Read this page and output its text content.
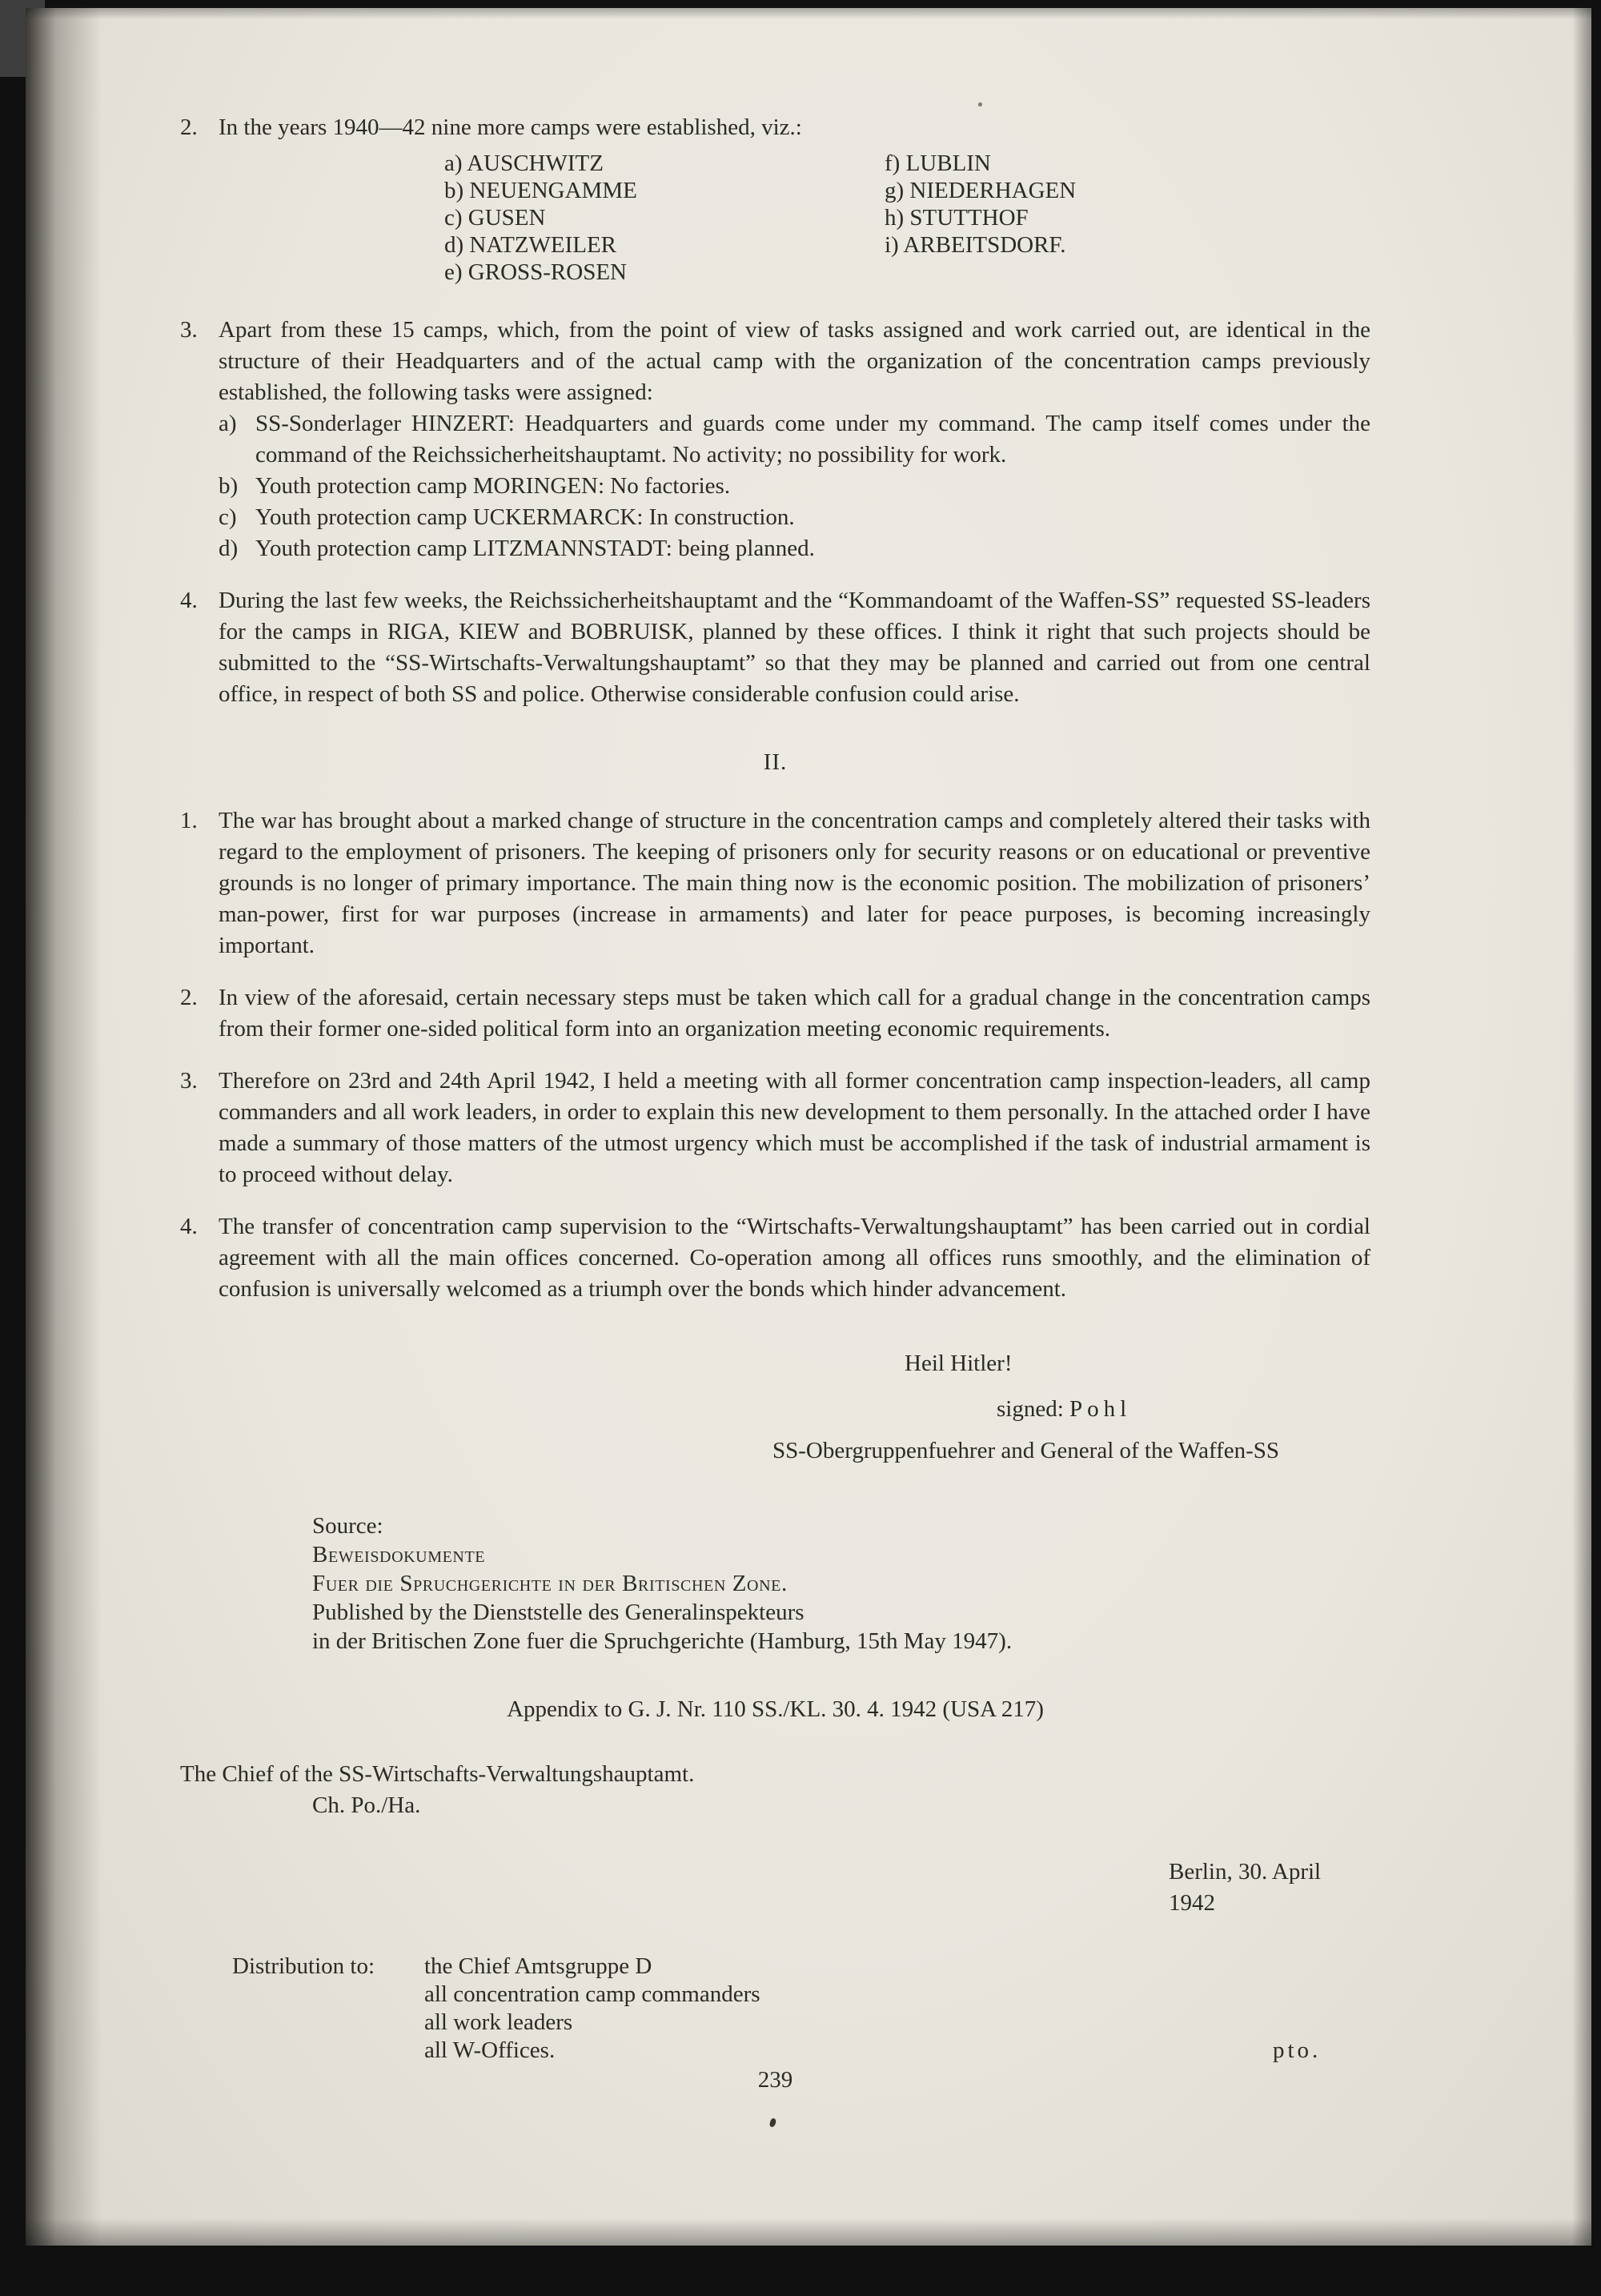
2. In the years 1940—42 nine more camps were established, viz.:
a) AUSCHWITZ
b) NEUENGAMME
c) GUSEN
d) NATZWEILER
e) GROSS-ROSEN
f) LUBLIN
g) NIEDERHAGEN
h) STUTTHOF
i) ARBEITSDORF.
3. Apart from these 15 camps, which, from the point of view of tasks assigned and work carried out, are identical in the structure of their Headquarters and of the actual camp with the organization of the concentration camps previously established, the following tasks were assigned:
a) SS-Sonderlager HINZERT: Headquarters and guards come under my command. The camp itself comes under the command of the Reichssicherheitshauptamt. No activity; no possibility for work.
b) Youth protection camp MORINGEN: No factories.
c) Youth protection camp UCKERMARCK: In construction.
d) Youth protection camp LITZMANNSTADT: being planned.
4. During the last few weeks, the Reichssicherheitshauptamt and the “Kommandoamt of the Waffen-SS” requested SS-leaders for the camps in RIGA, KIEW and BOBRUISK, planned by these offices. I think it right that such projects should be submitted to the “SS-Wirtschafts-Verwaltungshauptamt” so that they may be planned and carried out from one central office, in respect of both SS and police. Otherwise considerable confusion could arise.
II.
1. The war has brought about a marked change of structure in the concentration camps and completely altered their tasks with regard to the employment of prisoners. The keeping of prisoners only for security reasons or on educational or preventive grounds is no longer of primary importance. The main thing now is the economic position. The mobilization of prisoners’ man-power, first for war purposes (increase in armaments) and later for peace purposes, is becoming increasingly important.
2. In view of the aforesaid, certain necessary steps must be taken which call for a gradual change in the concentration camps from their former one-sided political form into an organization meeting economic requirements.
3. Therefore on 23rd and 24th April 1942, I held a meeting with all former concentration camp inspection-leaders, all camp commanders and all work leaders, in order to explain this new development to them personally. In the attached order I have made a summary of those matters of the utmost urgency which must be accomplished if the task of industrial armament is to proceed without delay.
4. The transfer of concentration camp supervision to the “Wirtschafts-Verwaltungshauptamt” has been carried out in cordial agreement with all the main offices concerned. Co-operation among all offices runs smoothly, and the elimination of confusion is universally welcomed as a triumph over the bonds which hinder advancement.
Heil Hitler!
signed: Pohl
SS-Obergruppenfuehrer and General of the Waffen-SS
Source:
Beweisdokumente
Fuer die Spruchgerichte in der Britischen Zone.
Published by the Dienststelle des Generalinspekteurs
in der Britischen Zone fuer die Spruchgerichte (Hamburg, 15th May 1947).
Appendix to G. J. Nr. 110 SS./KL. 30. 4. 1942 (USA 217)
The Chief of the SS-Wirtschafts-Verwaltungshauptamt.
Ch. Po./Ha.
Berlin, 30. April 1942
Distribution to:	the Chief Amtsgruppe D
all concentration camp commanders
all work leaders
all W-Offices.	pto.
239
